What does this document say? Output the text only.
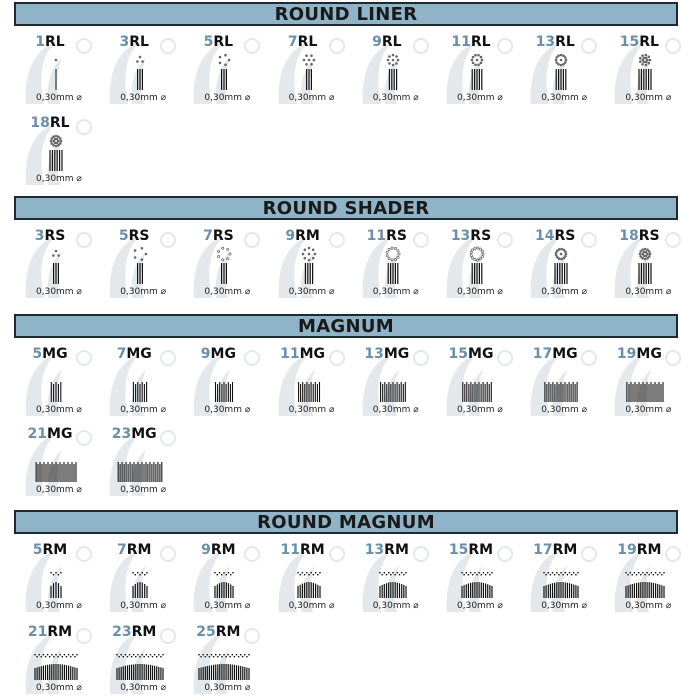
ROUND LINER
1RL
0,30mm ⌀
3RL
0,30mm ⌀
5RL
0,30mm ⌀
7RL
0,30mm ⌀
9RL
0,30mm ⌀
11RL
0,30mm ⌀
13RL
0,30mm ⌀
15RL
0,30mm ⌀
18RL
0,30mm ⌀
ROUND SHADER
3RS
0,30mm ⌀
5RS
0,30mm ⌀
7RS
0,30mm ⌀
9RM
0,30mm ⌀
11RS
0,30mm ⌀
13RS
0,30mm ⌀
14RS
0,30mm ⌀
18RS
0,30mm ⌀
MAGNUM
5MG
0,30mm ⌀
7MG
0,30mm ⌀
9MG
0,30mm ⌀
11MG
0,30mm ⌀
13MG
0,30mm ⌀
15MG
0,30mm ⌀
17MG
0,30mm ⌀
19MG
0,30mm ⌀
21MG
0,30mm ⌀
23MG
0,30mm ⌀
ROUND MAGNUM
5RM
0,30mm ⌀
7RM
0,30mm ⌀
9RM
0,30mm ⌀
11RM
0,30mm ⌀
13RM
0,30mm ⌀
15RM
0,30mm ⌀
17RM
0,30mm ⌀
19RM
0,30mm ⌀
21RM
0,30mm ⌀
23RM
0,30mm ⌀
25RM
0,30mm ⌀
